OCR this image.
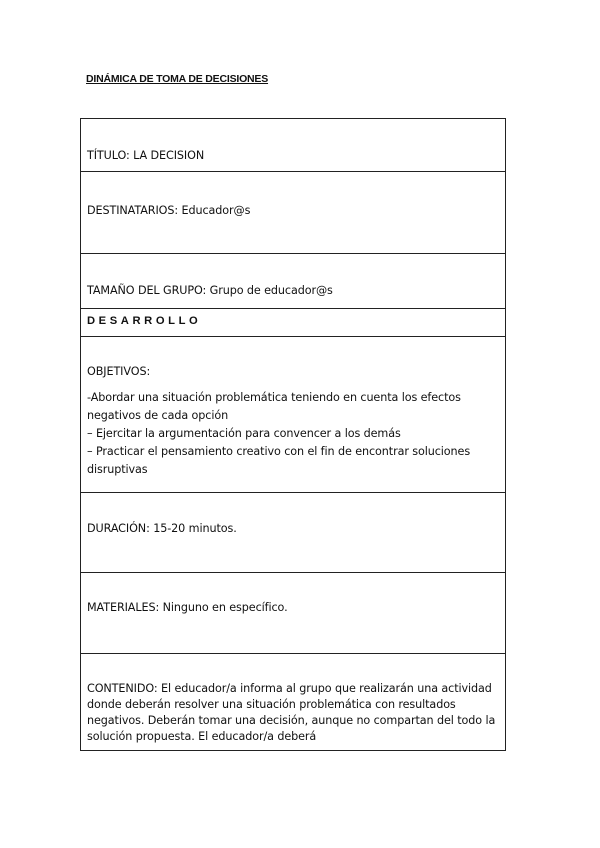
DINÁMICA DE TOMA DE DECISIONES
TÍTULO: LA DECISION
DESTINATARIOS: Educador@s
TAMAÑO DEL GRUPO: Grupo de educador@s
DESARROLLO
OBJETIVOS:
-Abordar una situación problemática teniendo en cuenta los efectos negativos de cada opción
– Ejercitar la argumentación para convencer a los demás
– Practicar el pensamiento creativo con el fin de encontrar soluciones disruptivas
DURACIÓN: 15-20 minutos.
MATERIALES: Ninguno en específico.
CONTENIDO: El educador/a informa al grupo que realizarán una actividad donde deberán resolver una situación problemática con resultados negativos. Deberán tomar una decisión, aunque no compartan del todo la solución propuesta. El educador/a deberá
